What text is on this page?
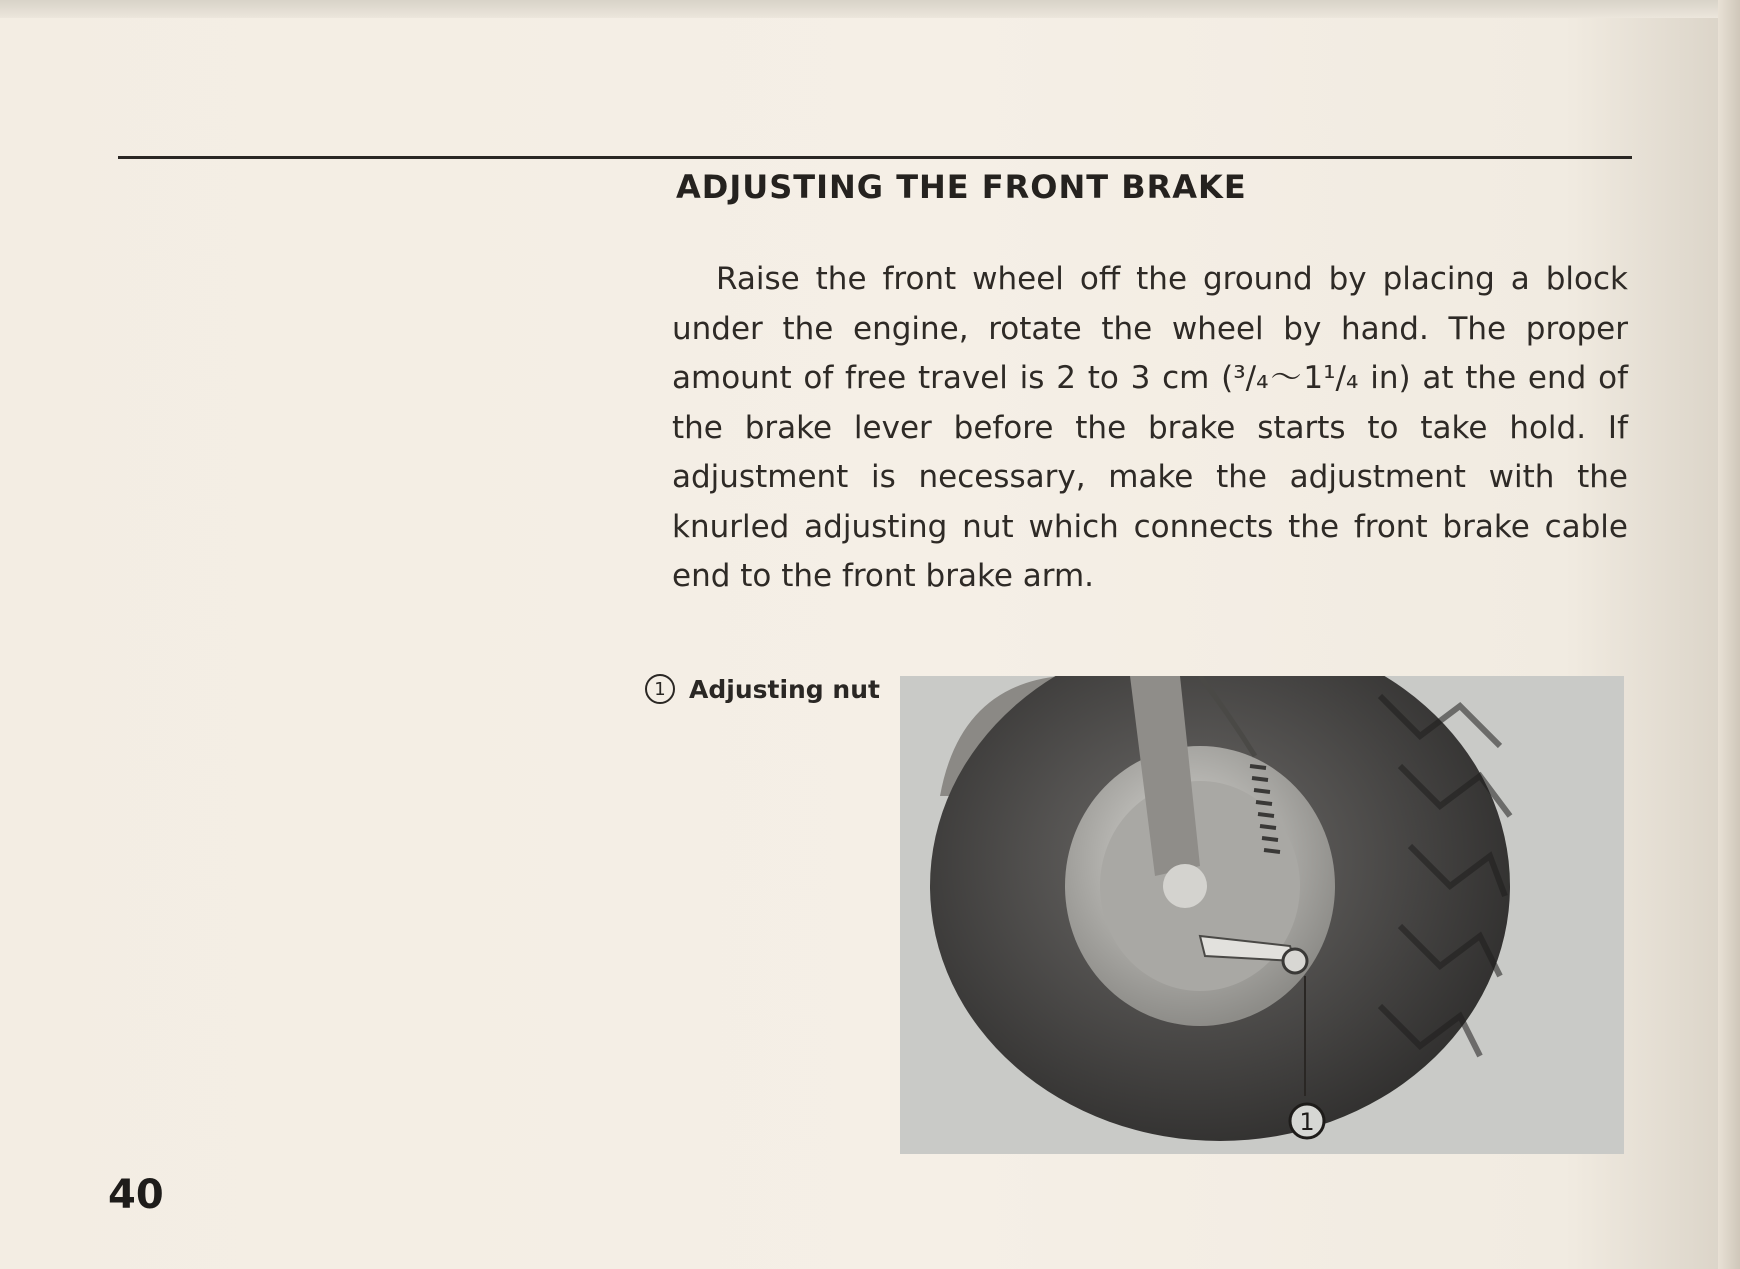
ADJUSTING THE FRONT BRAKE

Raise the front wheel off the ground by placing a block under the engine, rotate the wheel by hand. The proper amount of free travel is 2 to 3 cm (³/₄～1¹/₄ in) at the end of the brake lever before the brake starts to take hold. If adjustment is necessary, make the adjustment with the knurled adjusting nut which connects the front brake cable end to the front brake arm.

1 Adjusting nut
1
40
